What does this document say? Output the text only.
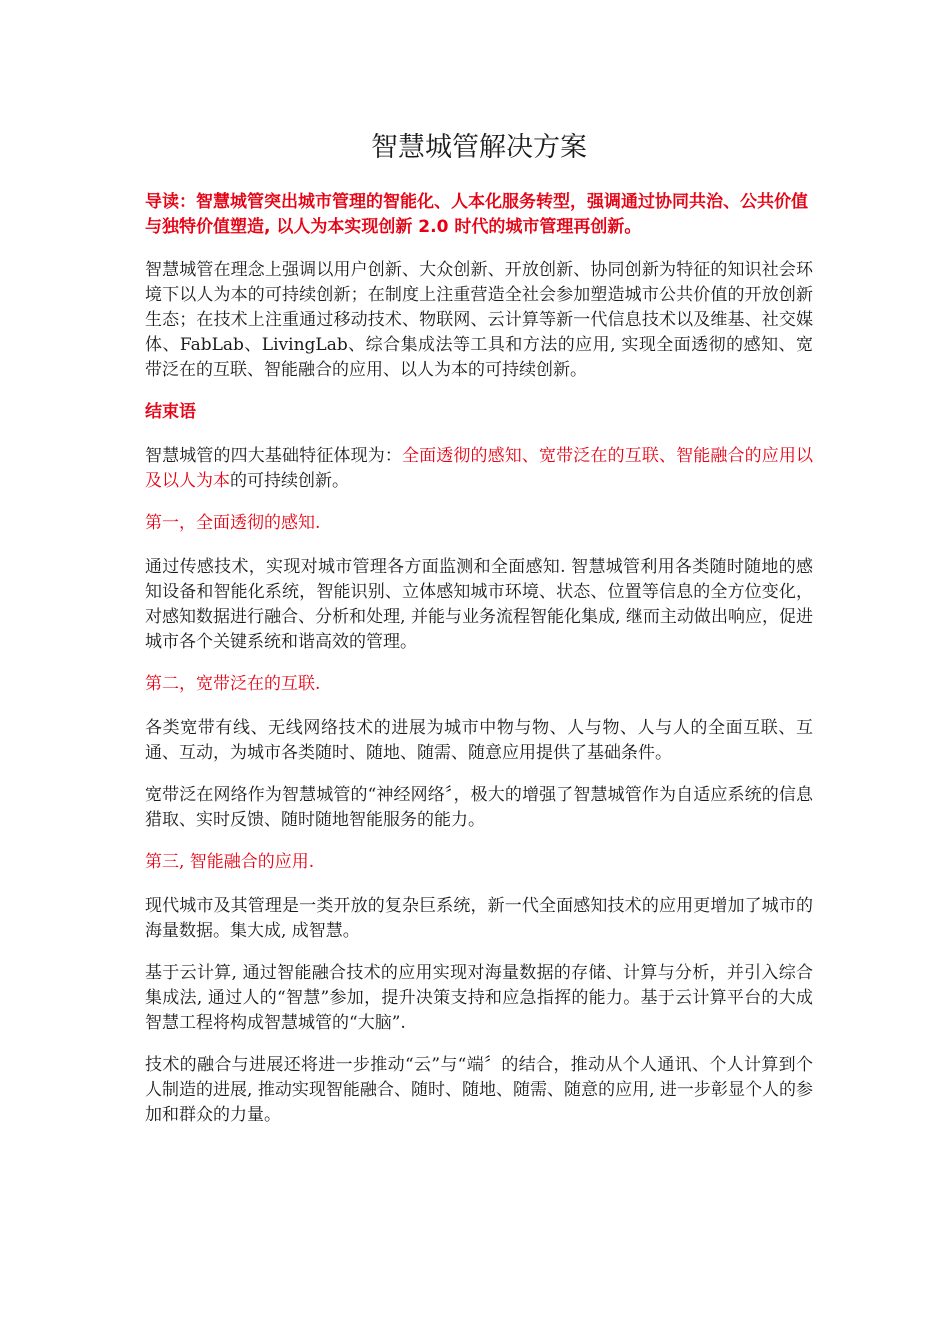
智慧城管解决方案

导读：智慧城管突出城市管理的智能化、人本化服务转型，强调通过协同共治、公共价值与独特价值塑造, 以人为本实现创新 2.0 时代的城市管理再创新。

智慧城管在理念上强调以用户创新、大众创新、开放创新、协同创新为特征的知识社会环境下以人为本的可持续创新；在制度上注重营造全社会参加塑造城市公共价值的开放创新生态；在技术上注重通过移动技术、物联网、云计算等新一代信息技术以及维基、社交媒体、FabLab、LivingLab、综合集成法等工具和方法的应用, 实现全面透彻的感知、宽带泛在的互联、智能融合的应用、以人为本的可持续创新。

结束语

智慧城管的四大基础特征体现为：全面透彻的感知、宽带泛在的互联、智能融合的应用以及以人为本的可持续创新。

第一，全面透彻的感知.

通过传感技术，实现对城市管理各方面监测和全面感知. 智慧城管利用各类随时随地的感知设备和智能化系统，智能识别、立体感知城市环境、状态、位置等信息的全方位变化，对感知数据进行融合、分析和处理, 并能与业务流程智能化集成, 继而主动做出响应，促进城市各个关键系统和谐高效的管理。

第二，宽带泛在的互联.

各类宽带有线、无线网络技术的进展为城市中物与物、人与物、人与人的全面互联、互通、互动，为城市各类随时、随地、随需、随意应用提供了基础条件。

宽带泛在网络作为智慧城管的“神经网络〞，极大的增强了智慧城管作为自适应系统的信息猎取、实时反馈、随时随地智能服务的能力。

第三, 智能融合的应用.

现代城市及其管理是一类开放的复杂巨系统，新一代全面感知技术的应用更增加了城市的海量数据。集大成, 成智慧。

基于云计算, 通过智能融合技术的应用实现对海量数据的存储、计算与分析，并引入综合集成法, 通过人的“智慧”参加，提升决策支持和应急指挥的能力。基于云计算平台的大成智慧工程将构成智慧城管的“大脑”.

技术的融合与进展还将进一步推动“云”与“端〞的结合，推动从个人通讯、个人计算到个人制造的进展, 推动实现智能融合、随时、随地、随需、随意的应用, 进一步彰显个人的参加和群众的力量。
